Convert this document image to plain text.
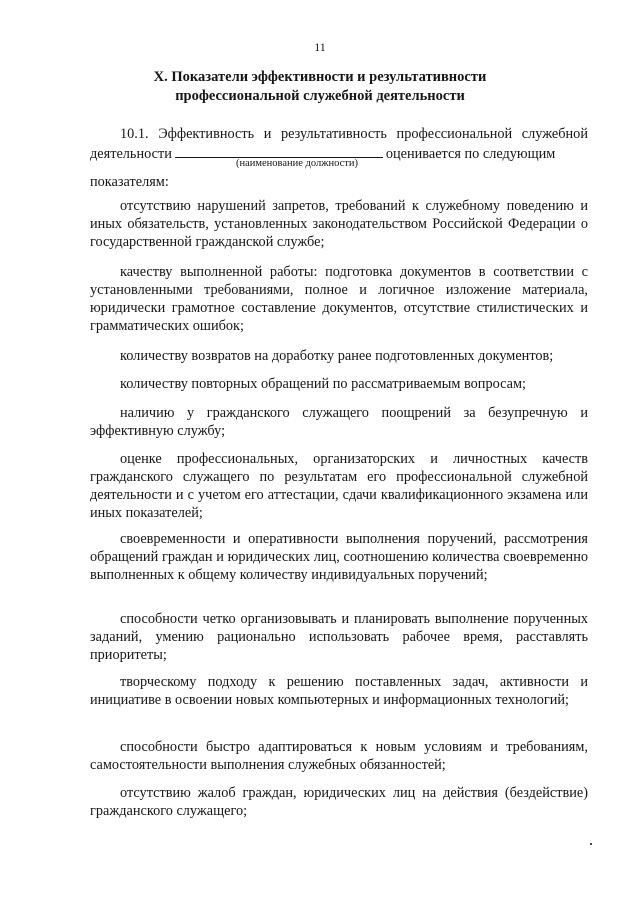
11
X. Показатели эффективности и результативности
профессиональной служебной деятельности
10.1. Эффективность и результативность профессиональной служебной деятельности	оценивается по следующим
(наименование должности)
показателям:
отсутствию нарушений запретов, требований к служебному поведению и иных обязательств, установленных законодательством Российской Федерации о государственной гражданской службе;
качеству выполненной работы: подготовка документов в соответствии с установленными требованиями, полное и логичное изложение материала, юридически грамотное составление документов, отсутствие стилистических и грамматических ошибок;
количеству возвратов на доработку ранее подготовленных документов;
количеству повторных обращений по рассматриваемым вопросам;
наличию у гражданского служащего поощрений за безупречную и эффективную службу;
оценке профессиональных, организаторских и личностных качеств гражданского служащего по результатам его профессиональной служебной деятельности и с учетом его аттестации, сдачи квалификационного экзамена или иных показателей;
своевременности и оперативности выполнения поручений, рассмотрения обращений граждан и юридических лиц, соотношению количества своевременно выполненных к общему количеству индивидуальных поручений;
способности четко организовывать и планировать выполнение порученных заданий, умению рационально использовать рабочее время, расставлять приоритеты;
творческому подходу к решению поставленных задач, активности и инициативе в освоении новых компьютерных и информационных технологий;
способности быстро адаптироваться к новым условиям и требованиям, самостоятельности выполнения служебных обязанностей;
отсутствию жалоб граждан, юридических лиц на действия (бездействие) гражданского служащего;
